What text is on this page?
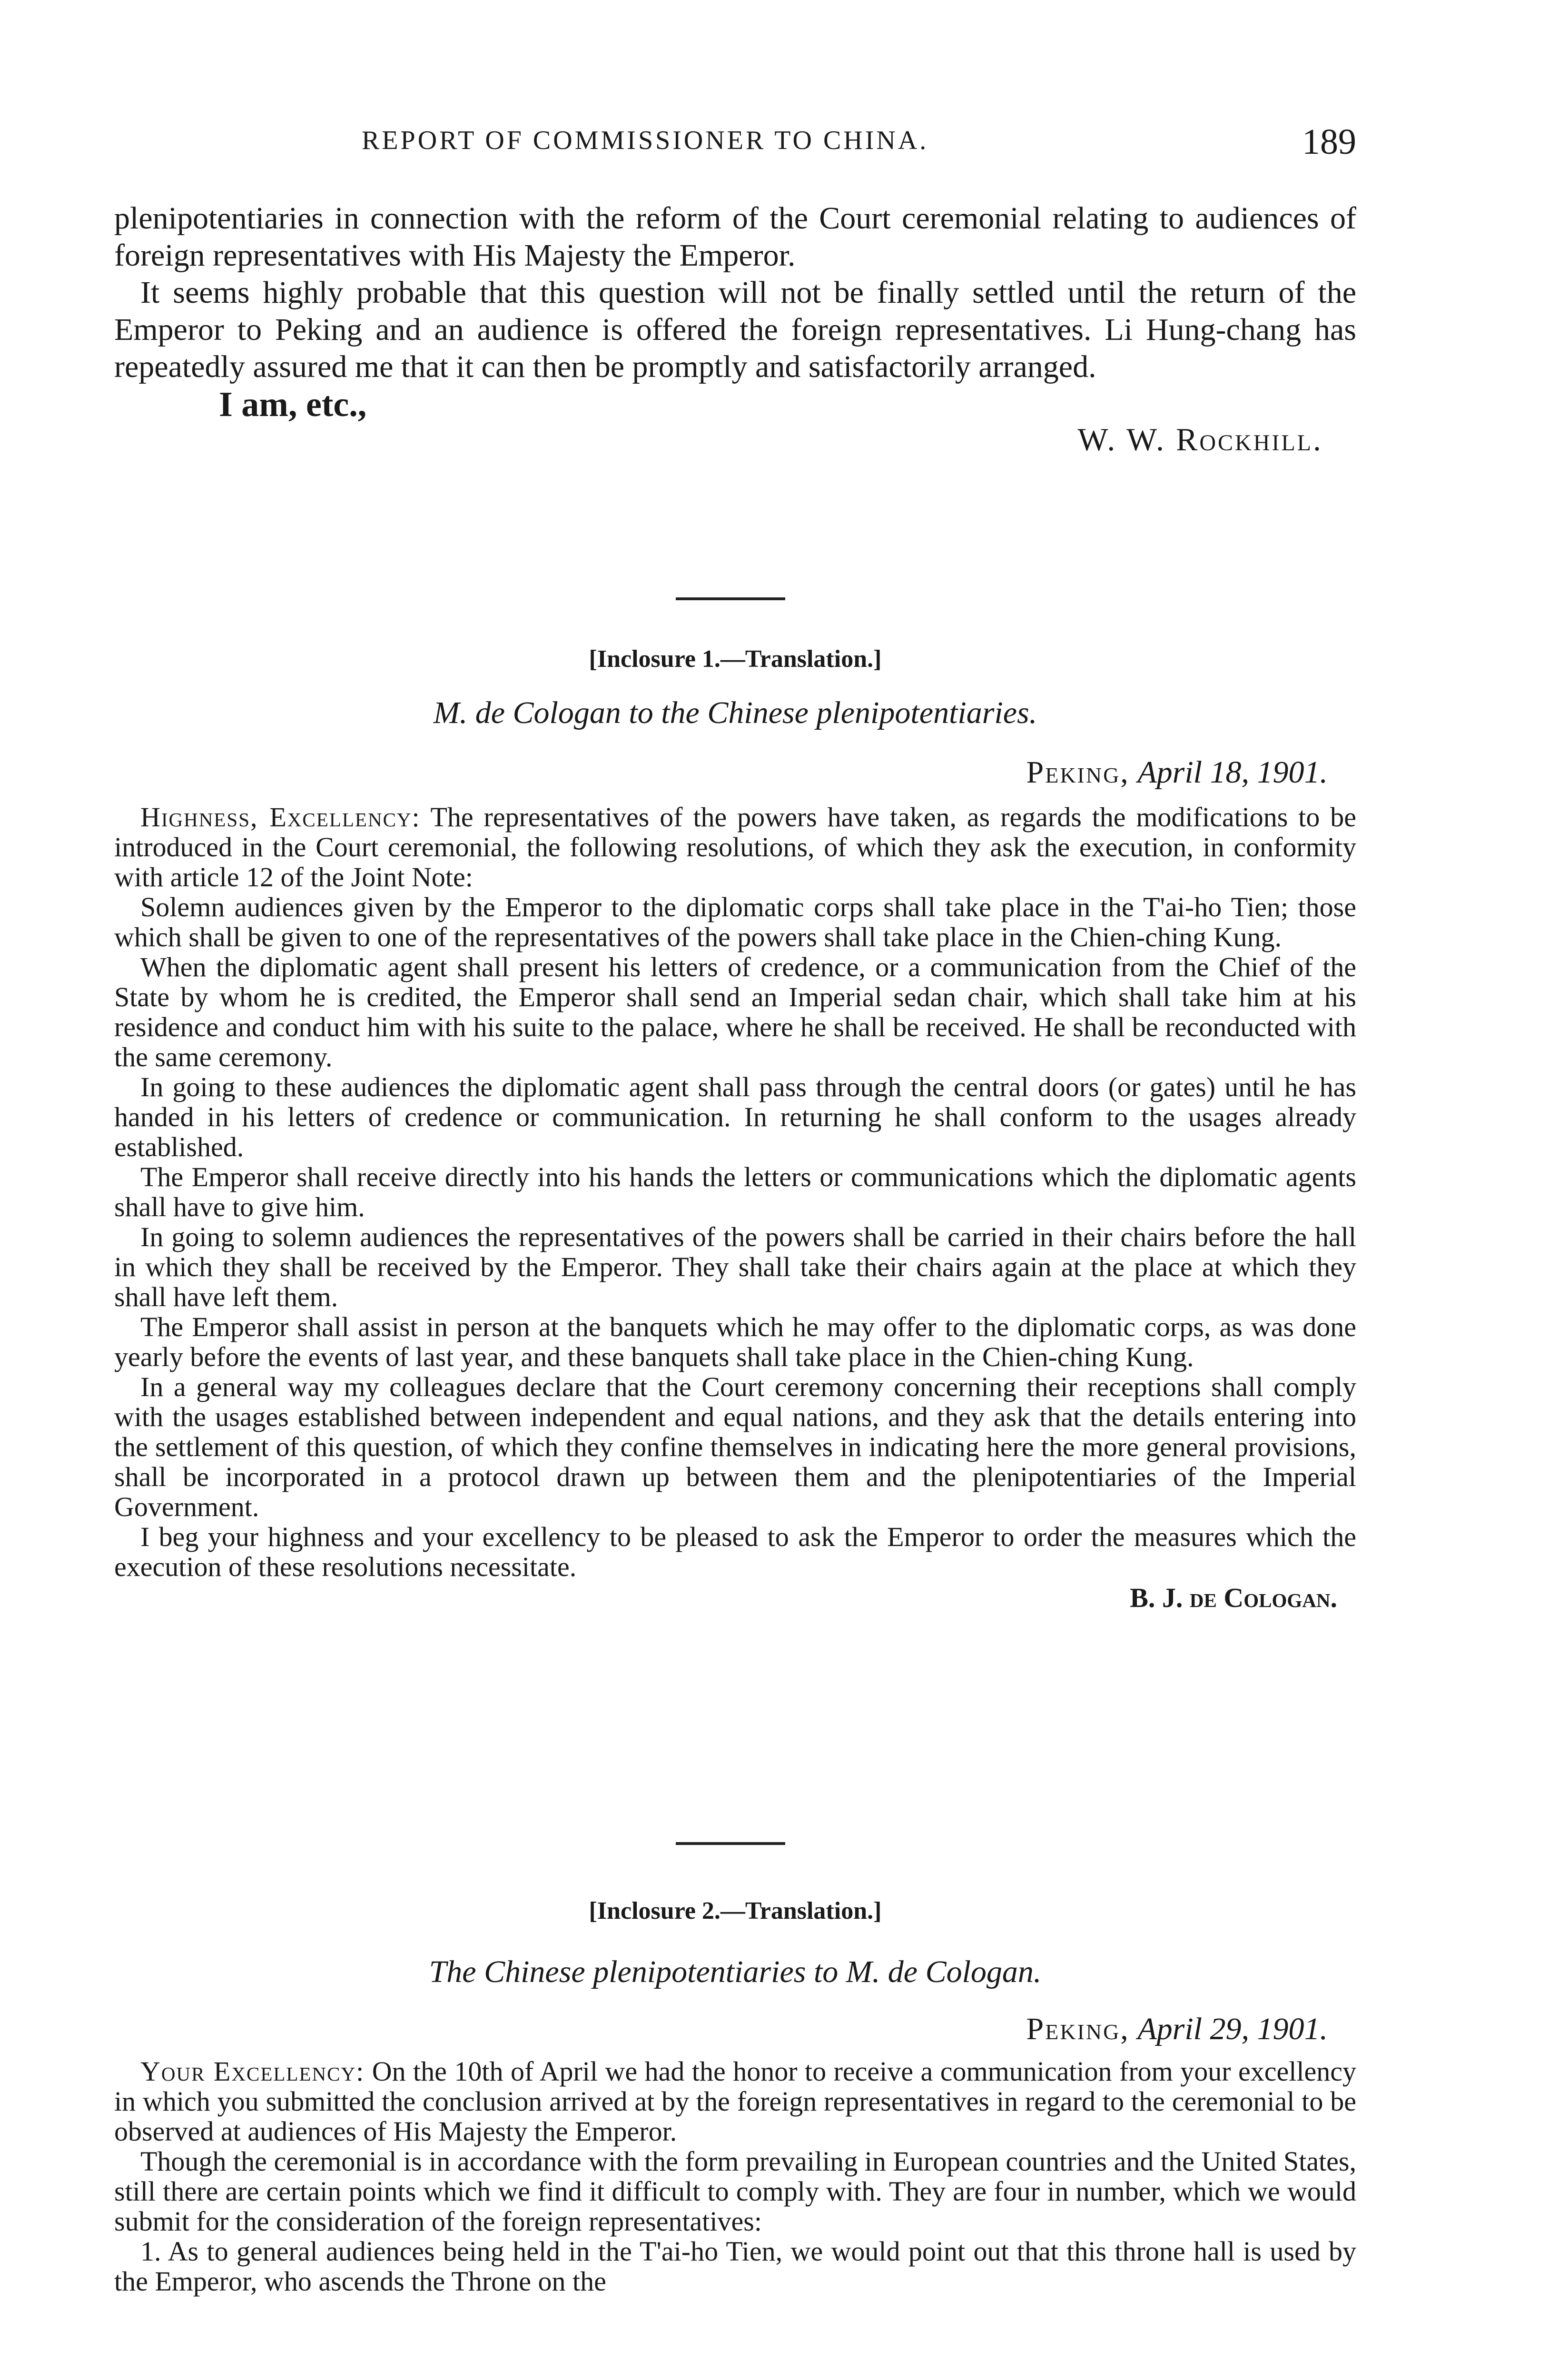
REPORT OF COMMISSIONER TO CHINA.	189

plenipotentiaries in connection with the reform of the Court ceremonial relating to audiences of foreign representatives with His Majesty the Emperor.

It seems highly probable that this question will not be finally settled until the return of the Emperor to Peking and an audience is offered the foreign representatives. Li Hung-chang has repeatedly assured me that it can then be promptly and satisfactorily arranged.

I am, etc.,
W. W. Rockhill.
[Inclosure 1.—Translation.]
M. de Cologan to the Chinese plenipotentiaries.
Peking, April 18, 1901.

Highness, Excellency: The representatives of the powers have taken, as regards the modifications to be introduced in the Court ceremonial, the following resolutions, of which they ask the execution, in conformity with article 12 of the Joint Note:

Solemn audiences given by the Emperor to the diplomatic corps shall take place in the T'ai-ho Tien; those which shall be given to one of the representatives of the powers shall take place in the Chien-ching Kung.

When the diplomatic agent shall present his letters of credence, or a communication from the Chief of the State by whom he is credited, the Emperor shall send an Imperial sedan chair, which shall take him at his residence and conduct him with his suite to the palace, where he shall be received. He shall be reconducted with the same ceremony.

In going to these audiences the diplomatic agent shall pass through the central doors (or gates) until he has handed in his letters of credence or communication. In returning he shall conform to the usages already established.

The Emperor shall receive directly into his hands the letters or communications which the diplomatic agents shall have to give him.

In going to solemn audiences the representatives of the powers shall be carried in their chairs before the hall in which they shall be received by the Emperor. They shall take their chairs again at the place at which they shall have left them.

The Emperor shall assist in person at the banquets which he may offer to the diplomatic corps, as was done yearly before the events of last year, and these banquets shall take place in the Chien-ching Kung.

In a general way my colleagues declare that the Court ceremony concerning their receptions shall comply with the usages established between independent and equal nations, and they ask that the details entering into the settlement of this question, of which they confine themselves in indicating here the more general provisions, shall be incorporated in a protocol drawn up between them and the plenipotentiaries of the Imperial Government.

I beg your highness and your excellency to be pleased to ask the Emperor to order the measures which the execution of these resolutions necessitate.

B. J. de Cologan.
[Inclosure 2.—Translation.]
The Chinese plenipotentiaries to M. de Cologan.
Peking, April 29, 1901.

Your Excellency: On the 10th of April we had the honor to receive a communication from your excellency in which you submitted the conclusion arrived at by the foreign representatives in regard to the ceremonial to be observed at audiences of His Majesty the Emperor.

Though the ceremonial is in accordance with the form prevailing in European countries and the United States, still there are certain points which we find it difficult to comply with. They are four in number, which we would submit for the consideration of the foreign representatives:

1. As to general audiences being held in the T'ai-ho Tien, we would point out that this throne hall is used by the Emperor, who ascends the Throne on the
